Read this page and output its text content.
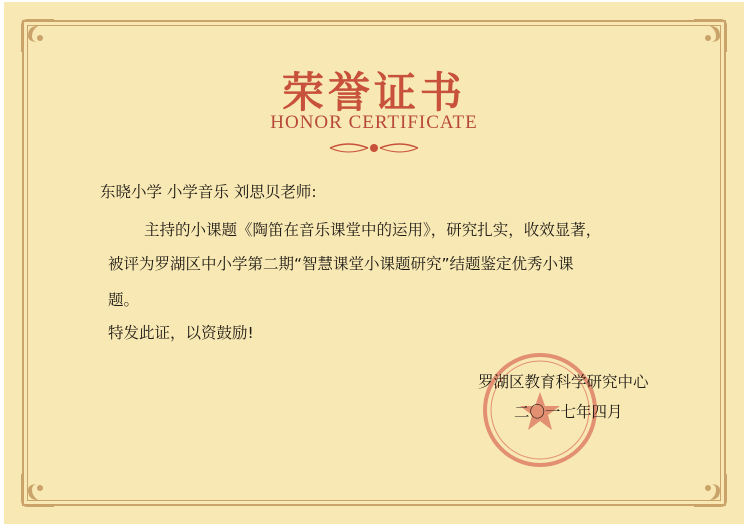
荣誉证书
HONOR CERTIFICATE
东晓小学 小学音乐 刘思贝老师:
主持的小课题《陶笛在音乐课堂中的运用》，研究扎实，收效显著，
被评为罗湖区中小学第二期“智慧课堂小课题研究”结题鉴定优秀小课
题。
特发此证，以资鼓励!
罗湖区教育科学研究中心
二〇一七年四月
